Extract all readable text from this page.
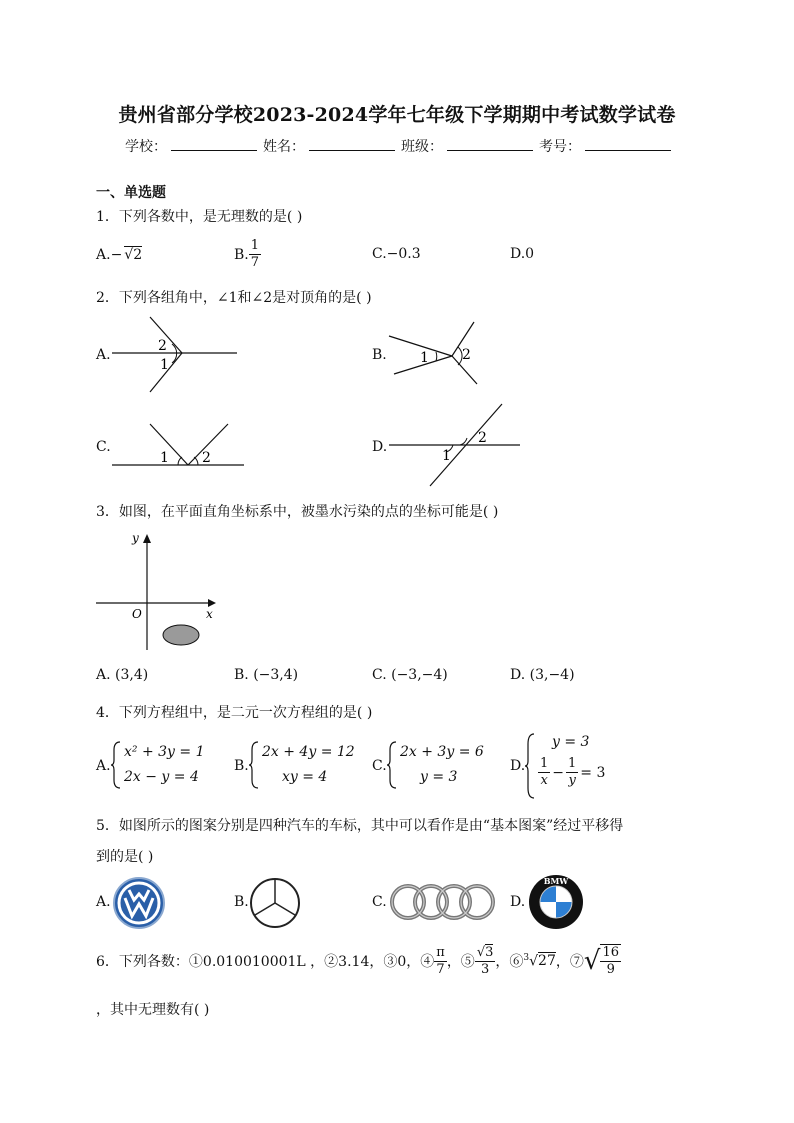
贵州省部分学校2023-2024学年七年级下学期期中考试数学试卷
学校：	姓名：	班级：	考号：
一、单选题
1．下列各数中，是无理数的是( )
A.− √2	B. $\frac{1}{7}$	C.−0.3	D.0
2．下列各组角中，∠1和∠2是对顶角的是( )
A.
2
1
B. 1 2
C.
1 2
D.
2
1
3．如图，在平面直角坐标系中，被墨水污染的点的坐标可能是( )
y
x
O
A. (3,4)	B. (−3,4)	C. (−3,−4)	D. (3,−4)
4．下列方程组中，是二元一次方程组的是( )
A.
x² + 3y = 1
2x − y = 4
B.
2x + 4y = 12
xy = 4
C.
2x + 3y = 6
y = 3
D.
y = 3
$\frac{1}{x} - \frac{1}{y} = 3$
5．如图所示的图案分别是四种汽车的车标，其中可以看作是由“基本图案”经过平移得
到的是( )
A.	B.	C.	D.
BMW
6．下列各数：①0.010010001L ，②3.14，③0，④ $\frac{\pi}{7}$ ，⑤ $\frac{√3}{3}$ ，⑥ $^3$√27 ，⑦ √ $\frac{16}{9}$
，其中无理数有( )
